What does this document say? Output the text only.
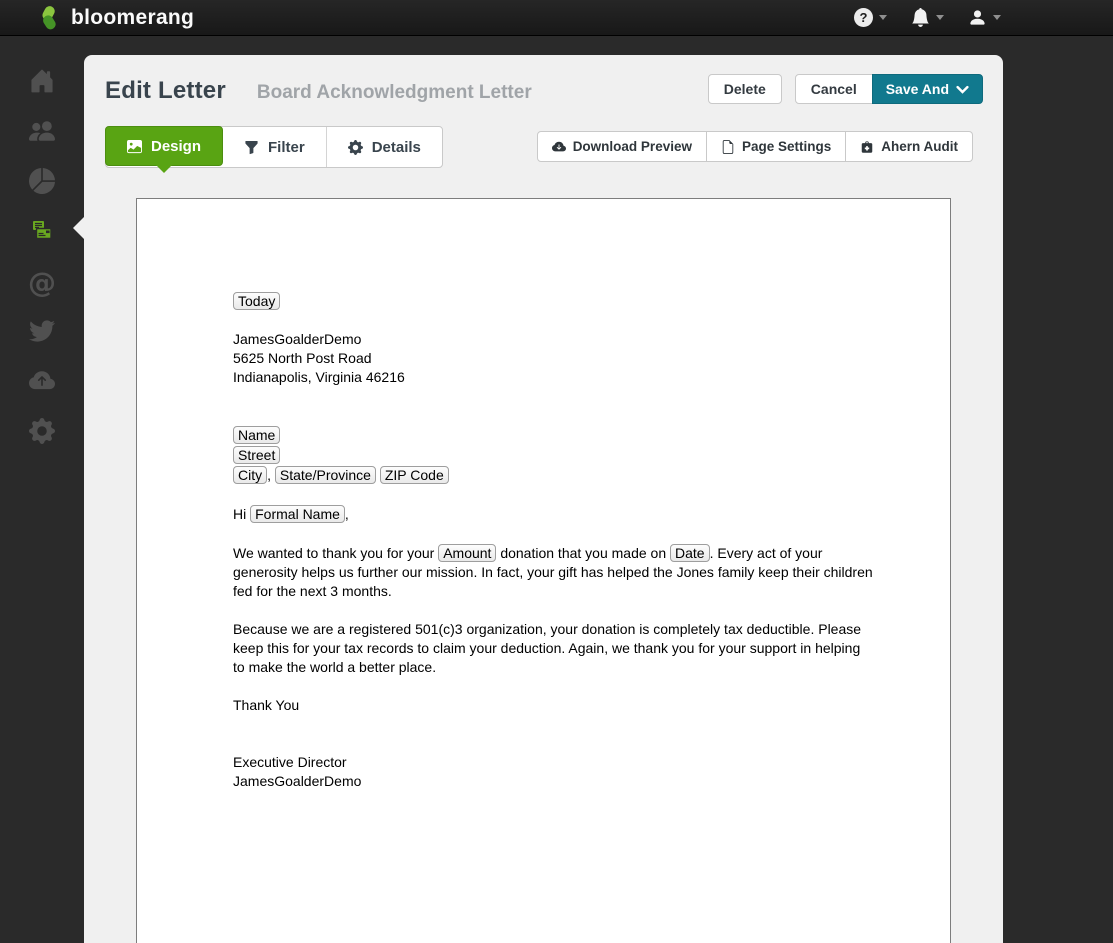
bloomerang	?
@
Edit Letter Board Acknowledgment Letter	Delete	Cancel	Save And
Design	Filter	Details	Download Preview	Page Settings	Ahern Audit
Today

JamesGoalderDemo
5625 North Post Road
Indianapolis, Virginia 46216

Name
Street
City , State/Province ZIP Code

Hi Formal Name ,

We wanted to thank you for your Amount donation that you made on Date . Every act of your generosity helps us further our mission. In fact, your gift has helped the Jones family keep their children fed for the next 3 months.

Because we are a registered 501(c)3 organization, your donation is completely tax deductible. Please keep this for your tax records to claim your deduction. Again, we thank you for your support in helping to make the world a better place.

Thank You

Executive Director
JamesGoalderDemo
